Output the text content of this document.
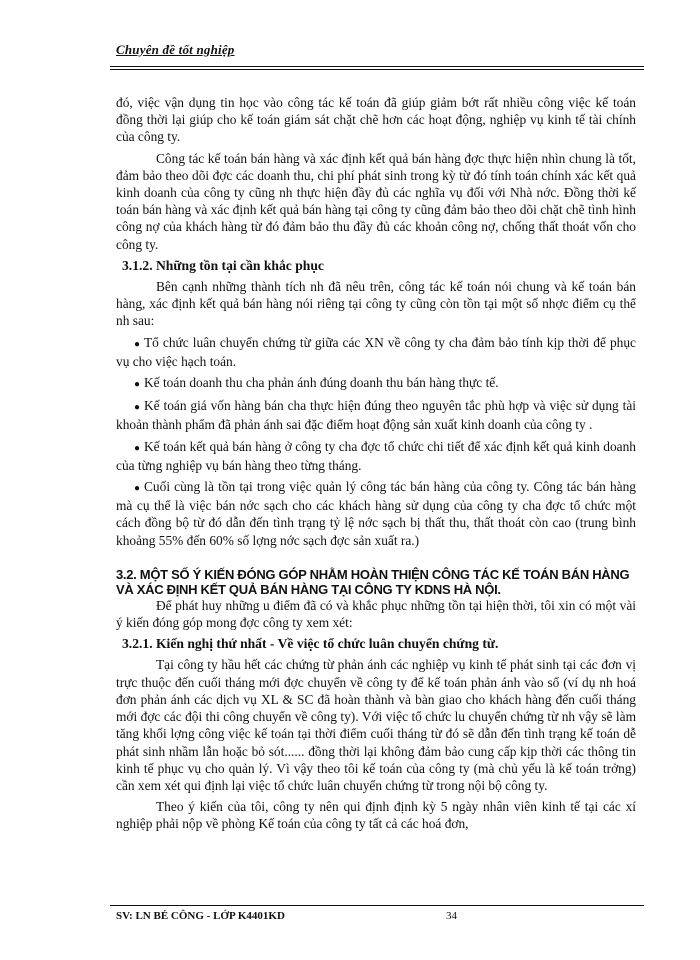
Chuyên đề tốt nghiệp

đó, việc vận dụng tin học vào công tác kế toán đã giúp giảm bớt rất nhiều công việc kế toán đồng thời lại giúp cho kế toán giám sát chặt chẽ hơn các hoạt động, nghiệp vụ kinh tế tài chính của công ty.

Công tác kế toán bán hàng và xác định kết quả bán hàng đợc thực hiện nhìn chung là tốt, đảm bảo theo dõi đợc các doanh thu, chi phí phát sinh trong kỳ từ đó tính toán chính xác kết quả kinh doanh của công ty cũng nh thực hiện đầy đủ các nghĩa vụ đối với Nhà nớc. Đồng thời kế toán bán hàng và xác định kết quả bán hàng tại công ty cũng đảm bảo theo dõi chặt chẽ tình hình công nợ của khách hàng từ đó đảm bảo thu đầy đủ các khoản công nợ, chống thất thoát vốn cho công ty.

3.1.2. Những tồn tại cần khắc phục

Bên cạnh những thành tích nh đã nêu trên, công tác kế toán nói chung và kế toán bán hàng, xác định kết quả bán hàng nói riêng tại công ty cũng còn tồn tại một số nhợc điểm cụ thể nh sau:

● Tổ chức luân chuyển chứng từ giữa các XN về công ty cha đảm bảo tính kịp thời để phục vụ cho việc hạch toán.

● Kế toán doanh thu cha phản ánh đúng doanh thu bán hàng thực tế.

● Kế toán giá vốn hàng bán cha thực hiện đúng theo nguyên tắc phù hợp và việc sử dụng tài khoản thành phẩm đã phản ánh sai đặc điểm hoạt động sản xuất kinh doanh của công ty .

● Kế toán kết quả bán hàng ở công ty cha đợc tổ chức chi tiết để xác định kết quả kinh doanh của từng nghiệp vụ bán hàng theo từng tháng.

● Cuối cùng là tồn tại trong việc quản lý công tác bán hàng của công ty. Công tác bán hàng mà cụ thể là việc bán nớc sạch cho các khách hàng sử dụng của công ty cha đợc tổ chức một cách đồng bộ từ đó dẫn đến tình trạng tỷ lệ nớc sạch bị thất thu, thất thoát còn cao (trung bình khoảng 55% đến 60% số lợng nớc sạch đợc sản xuất ra.)

3.2. MỘT SỐ Ý KIẾN ĐÓNG GÓP NHẰM HOÀN THIỆN CÔNG TÁC KẾ TOÁN BÁN HÀNG VÀ XÁC ĐỊNH KẾT QUẢ BÁN HÀNG TẠI CÔNG TY KDNS HÀ NỘI.

Để phát huy những u điểm đã có và khắc phục những tồn tại hiện thời, tôi xin có một vài ý kiến đóng góp mong đợc công ty xem xét:

3.2.1. Kiến nghị thứ nhất - Về việc tổ chức luân chuyển chứng từ.

Tại công ty hầu hết các chứng từ phản ánh các nghiệp vụ kinh tế phát sinh tại các đơn vị trực thuộc đến cuối tháng mới đợc chuyển về công ty để kế toán phản ánh vào sổ (ví dụ nh hoá đơn phản ánh các dịch vụ XL & SC đã hoàn thành và bàn giao cho khách hàng đến cuối tháng mới đợc các đội thi công chuyển về công ty). Với việc tổ chức lu chuyển chứng từ nh vậy sẽ làm tăng khối lợng công việc kế toán tại thời điểm cuối tháng từ đó sẽ dẫn đến tình trạng kế toán dễ phát sinh nhầm lẫn hoặc bỏ sót...... đồng thời lại không đảm bảo cung cấp kịp thời các thông tin kinh tế phục vụ cho quản lý. Vì vậy theo tôi kế toán của công ty (mà chủ yếu là kế toán trởng) cần xem xét qui định lại việc tổ chức luân chuyển chứng từ trong nội bộ công ty.

Theo ý kiến của tôi, công ty nên qui định định kỳ 5 ngày nhân viên kinh tế tại các xí nghiệp phải nộp về phòng Kế toán của công ty tất cả các hoá đơn,

SV: LN BÉ CÔNG - LỚP K4401KD	34
